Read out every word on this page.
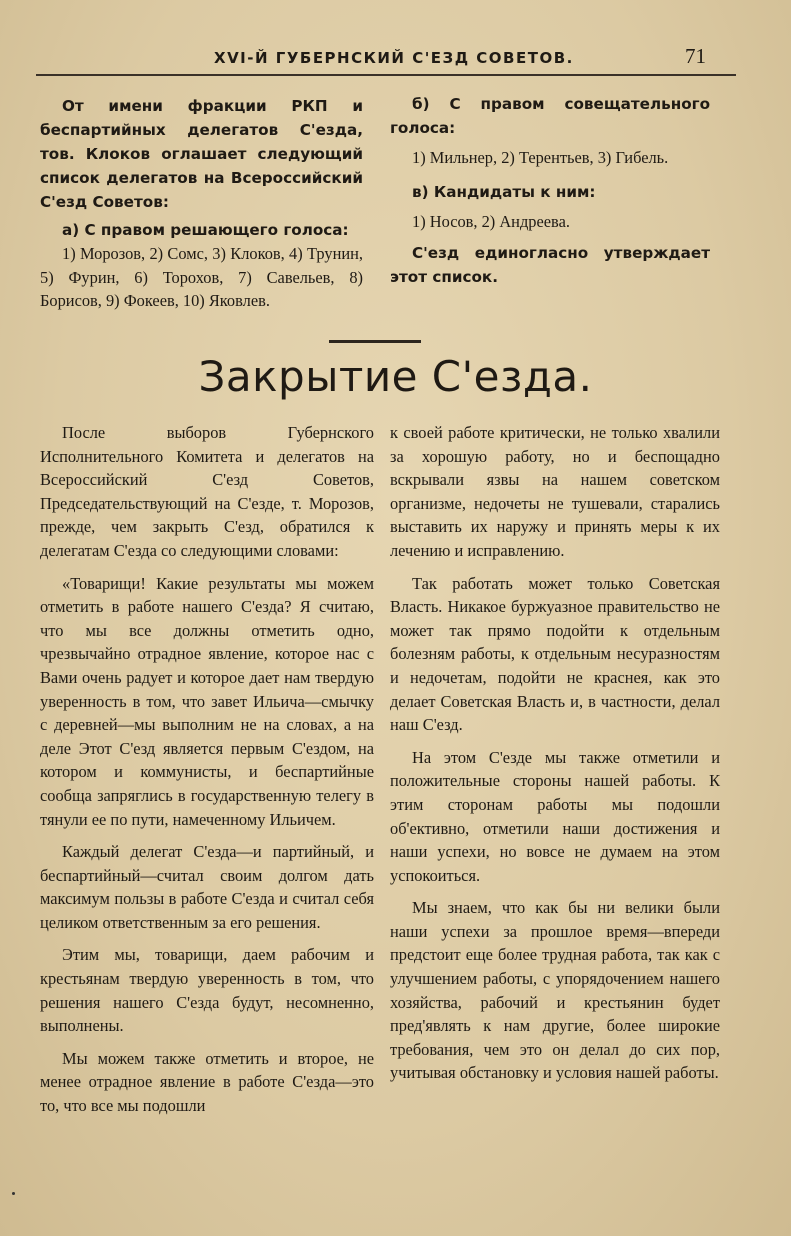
XVI-Й ГУБЕРНСКИЙ С'ЕЗД СОВЕТОВ.	71

От имени фракции РКП и беспартийных делегатов С'езда, тов. Клоков оглашает следующий список делегатов на Всероссийский С'езд Советов:

а) С правом решающего голоса:

1) Морозов, 2) Сомс, 3) Клоков, 4) Трунин, 5) Фурин, 6) Торохов, 7) Савельев, 8) Борисов, 9) Фокеев, 10) Яковлев.

б) С правом совещательного голоса:

1) Мильнер, 2) Терентьев, 3) Гибель.

в) Кандидаты к ним:

1) Носов, 2) Андреева.

С'езд единогласно утверждает этот список.

Закрытие С'езда.

После выборов Губернского Исполнительного Комитета и делегатов на Всероссийский С'езд Советов, Председательствующий на С'езде, т. Морозов, прежде, чем закрыть С'езд, обратился к делегатам С'езда со следующими словами:

«Товарищи! Какие результаты мы можем отметить в работе нашего С'езда? Я считаю, что мы все должны отметить одно, чрезвычайно отрадное явление, которое нас с Вами очень радует и которое дает нам твердую уверенность в том, что завет Ильича—смычку с деревней—мы выполним не на словах, а на деле Этот С'езд является первым С'ездом, на котором и коммунисты, и беспартийные сообща запряглись в государственную телегу в тянули ее по пути, намеченному Ильичем.

Каждый делегат С'езда—и партийный, и беспартийный—считал своим долгом дать максимум пользы в работе С'езда и считал себя целиком ответственным за его решения.

Этим мы, товарищи, даем рабочим и крестьянам твердую уверенность в том, что решения нашего С'езда будут, несомненно, выполнены.

Мы можем также отметить и второе, не менее отрадное явление в работе С'езда—это то, что все мы подошли

к своей работе критически, не только хвалили за хорошую работу, но и беспощадно вскрывали язвы на нашем советском организме, недочеты не тушевали, старались выставить их наружу и принять меры к их лечению и исправлению.

Так работать может только Советская Власть. Никакое буржуазное правительство не может так прямо подойти к отдельным болезням работы, к отдельным несуразностям и недочетам, подойти не краснея, как это делает Советская Власть и, в частности, делал наш С'езд.

На этом С'езде мы также отметили и положительные стороны нашей работы. К этим сторонам работы мы подошли об'ективно, отметили наши достижения и наши успехи, но вовсе не думаем на этом успокоиться.

Мы знаем, что как бы ни велики были наши успехи за прошлое время—впереди предстоит еще более трудная работа, так как с улучшением работы, с упорядочением нашего хозяйства, рабочий и крестьянин будет пред'являть к нам другие, более широкие требования, чем это он делал до сих пор, учитывая обстановку и условия нашей работы.
